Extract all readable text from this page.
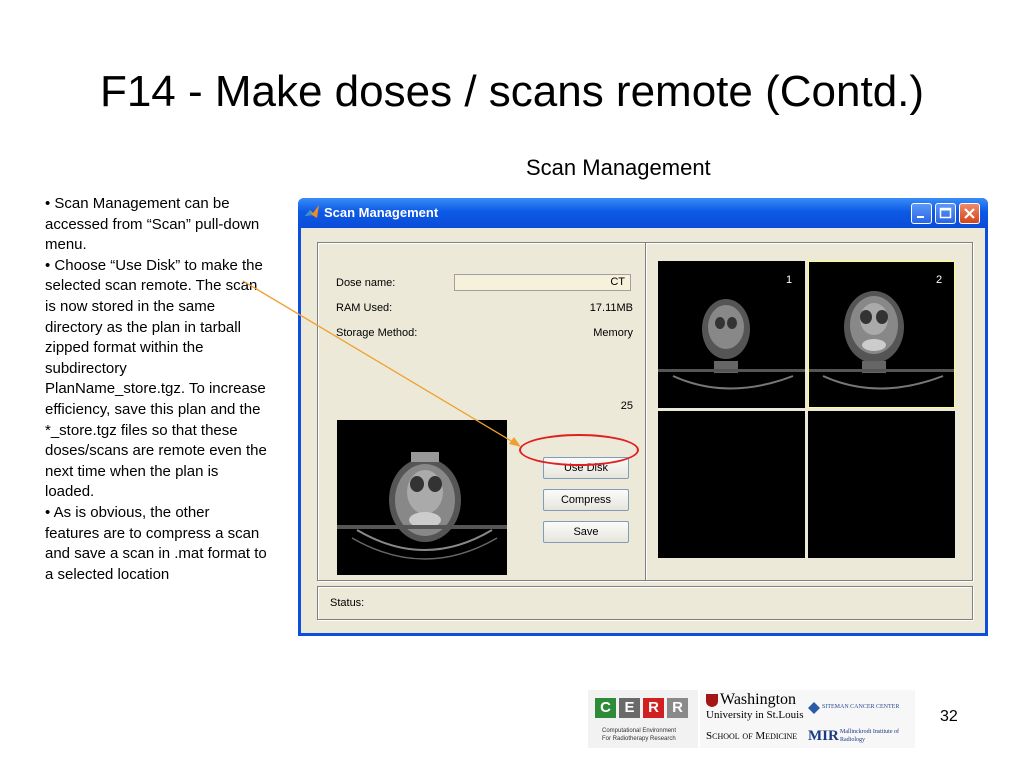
F14 - Make doses / scans remote (Contd.)
Scan Management

• Scan Management can be accessed from “Scan” pull-down menu.

• Choose “Use Disk” to make the selected scan remote. The scan is now stored in the same directory as the plan in tarball zipped format within the subdirectory PlanName_store.tgz. To increase efficiency, save this plan and the *_store.tgz files so that these doses/scans are remote even the next time when the plan is loaded.

• As is obvious, the other features are to compress a scan and save a scan in .mat format to a selected location

Scan Management
Dose name:	CT
RAM Used:	17.11MB
Storage Method:	Memory
25
Use Disk
Compress
Save
1	2
Status:
C E R R
Computational Environment
For Radiotherapy Research
Washington
University in St.Louis
School of Medicine
SITEMAN CANCER CENTER
MIR Mallinckrodt Institute of Radiology
32
